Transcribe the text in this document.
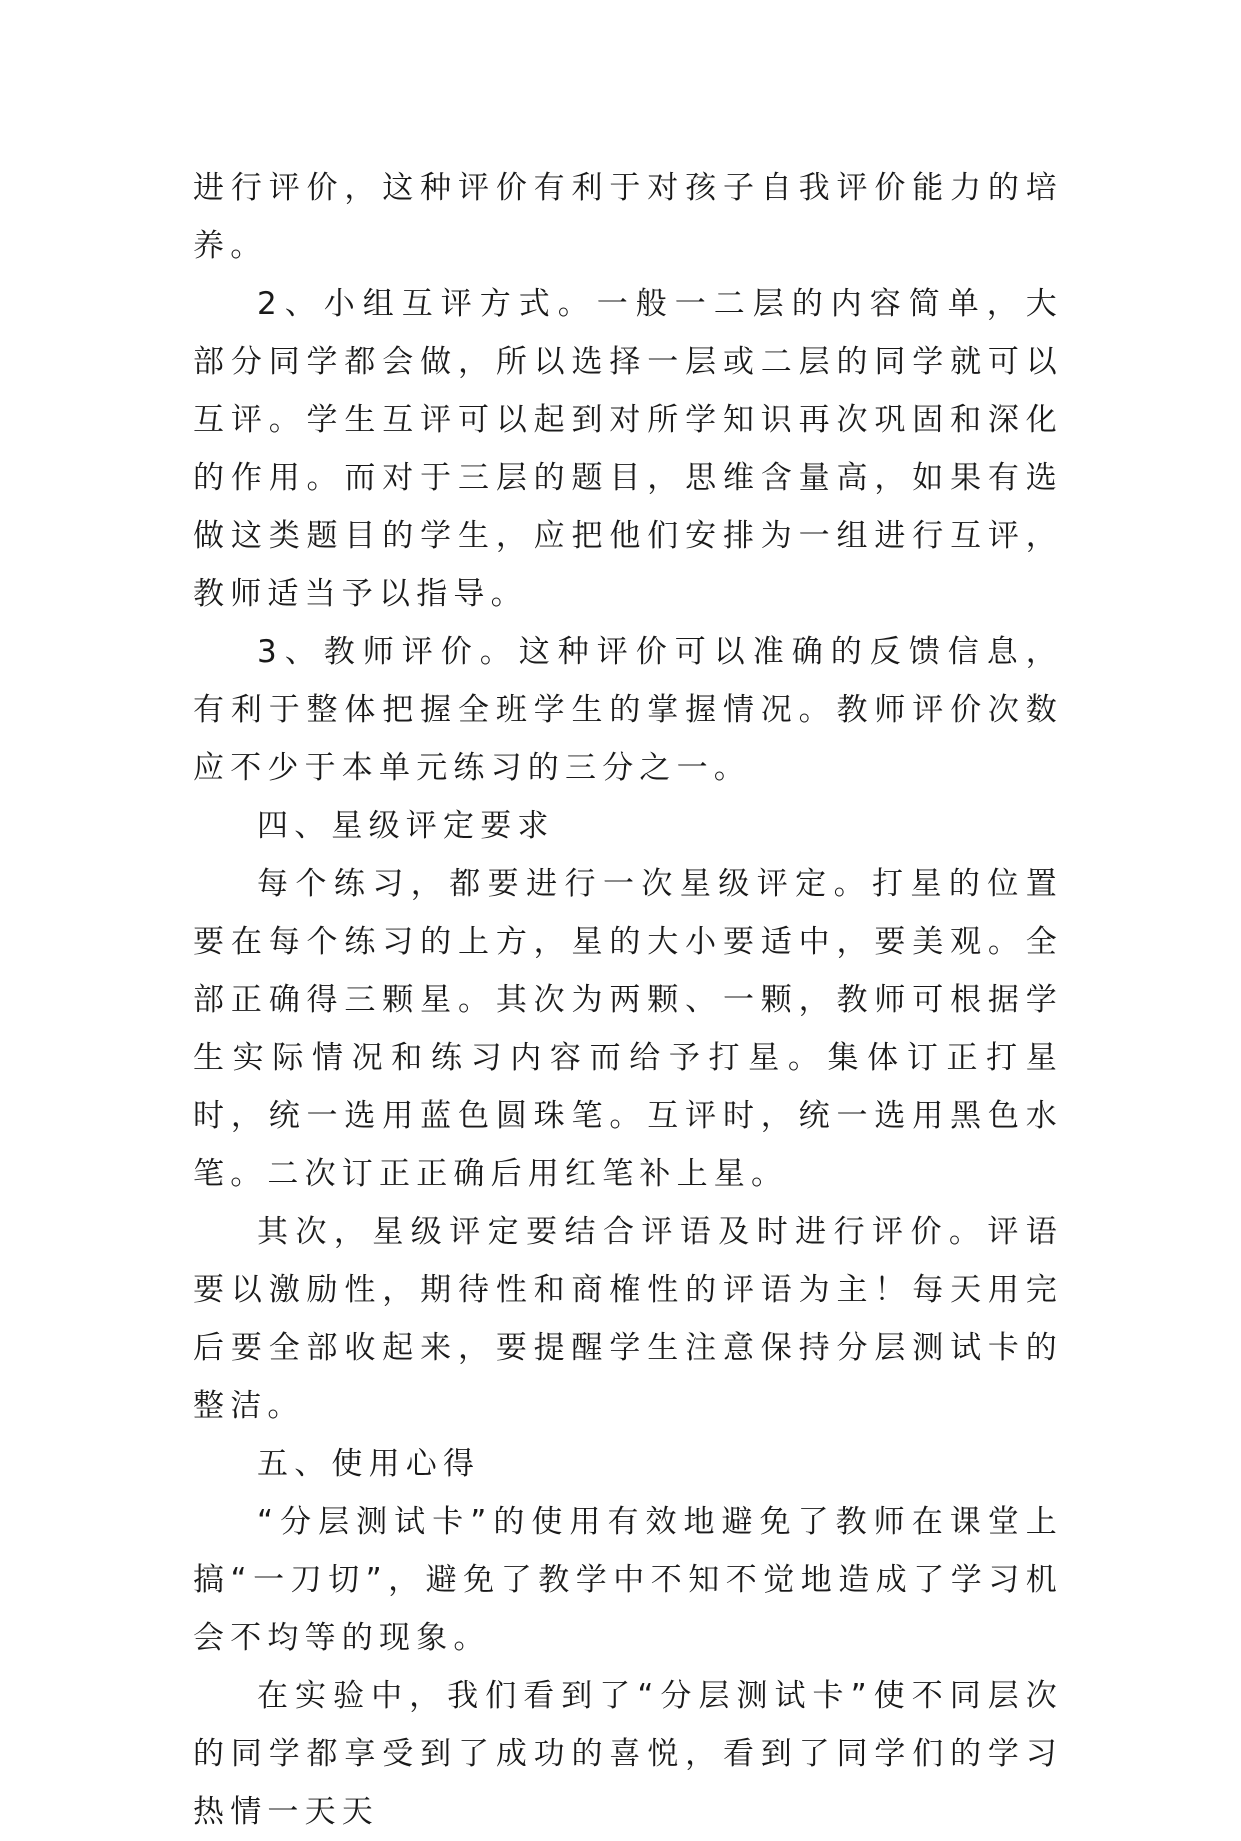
进行评价，这种评价有利于对孩子自我评价能力的培养。

2、小组互评方式。一般一二层的内容简单，大部分同学都会做，所以选择一层或二层的同学就可以互评。学生互评可以起到对所学知识再次巩固和深化的作用。而对于三层的题目，思维含量高，如果有选做这类题目的学生，应把他们安排为一组进行互评，教师适当予以指导。

3、教师评价。这种评价可以准确的反馈信息，有利于整体把握全班学生的掌握情况。教师评价次数应不少于本单元练习的三分之一。

四、星级评定要求

每个练习，都要进行一次星级评定。打星的位置要在每个练习的上方，星的大小要适中，要美观。全部正确得三颗星。其次为两颗、一颗，教师可根据学生实际情况和练习内容而给予打星。集体订正打星时，统一选用蓝色圆珠笔。互评时，统一选用黑色水笔。二次订正正确后用红笔补上星。

其次，星级评定要结合评语及时进行评价。评语要以激励性，期待性和商榷性的评语为主！每天用完后要全部收起来，要提醒学生注意保持分层测试卡的整洁。

五、使用心得

“分层测试卡”的使用有效地避免了教师在课堂上搞“一刀切”，避免了教学中不知不觉地造成了学习机会不均等的现象。

在实验中，我们看到了“分层测试卡”使不同层次的同学都享受到了成功的喜悦，看到了同学们的学习热情一天天
